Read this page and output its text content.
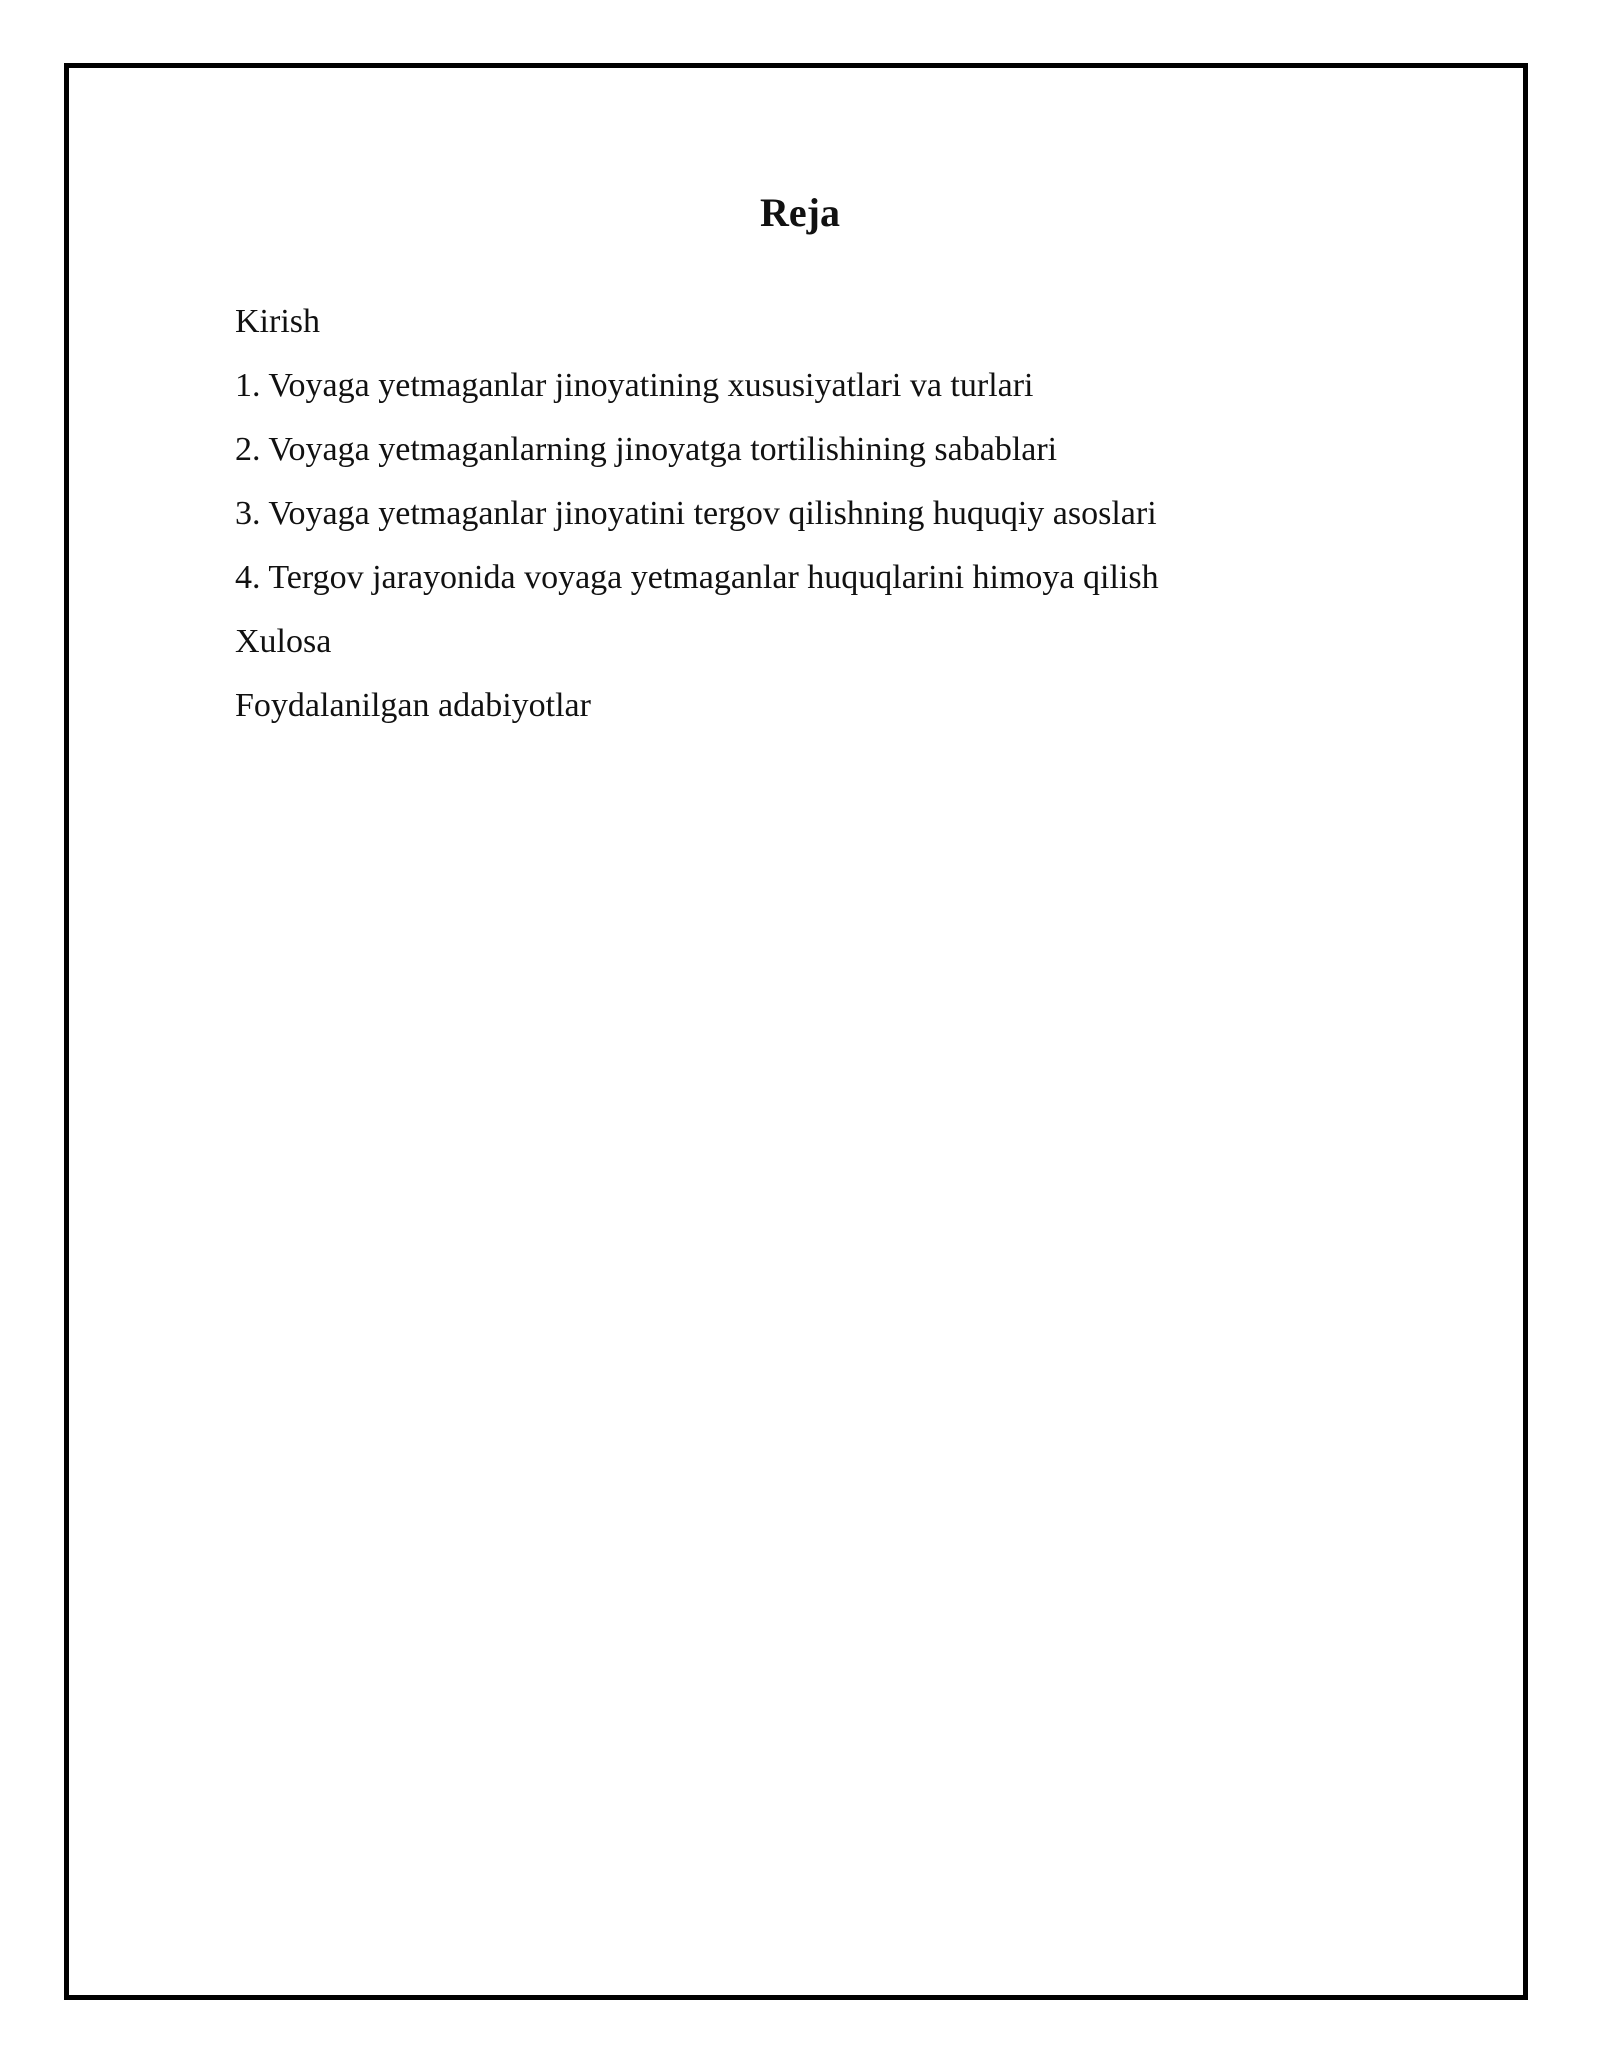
Reja
Kirish
1. Voyaga yetmaganlar jinoyatining xususiyatlari va turlari
2. Voyaga yetmaganlarning jinoyatga tortilishining sabablari
3. Voyaga yetmaganlar jinoyatini tergov qilishning huquqiy asoslari
4. Tergov jarayonida voyaga yetmaganlar huquqlarini himoya qilish
Xulosa
Foydalanilgan adabiyotlar
